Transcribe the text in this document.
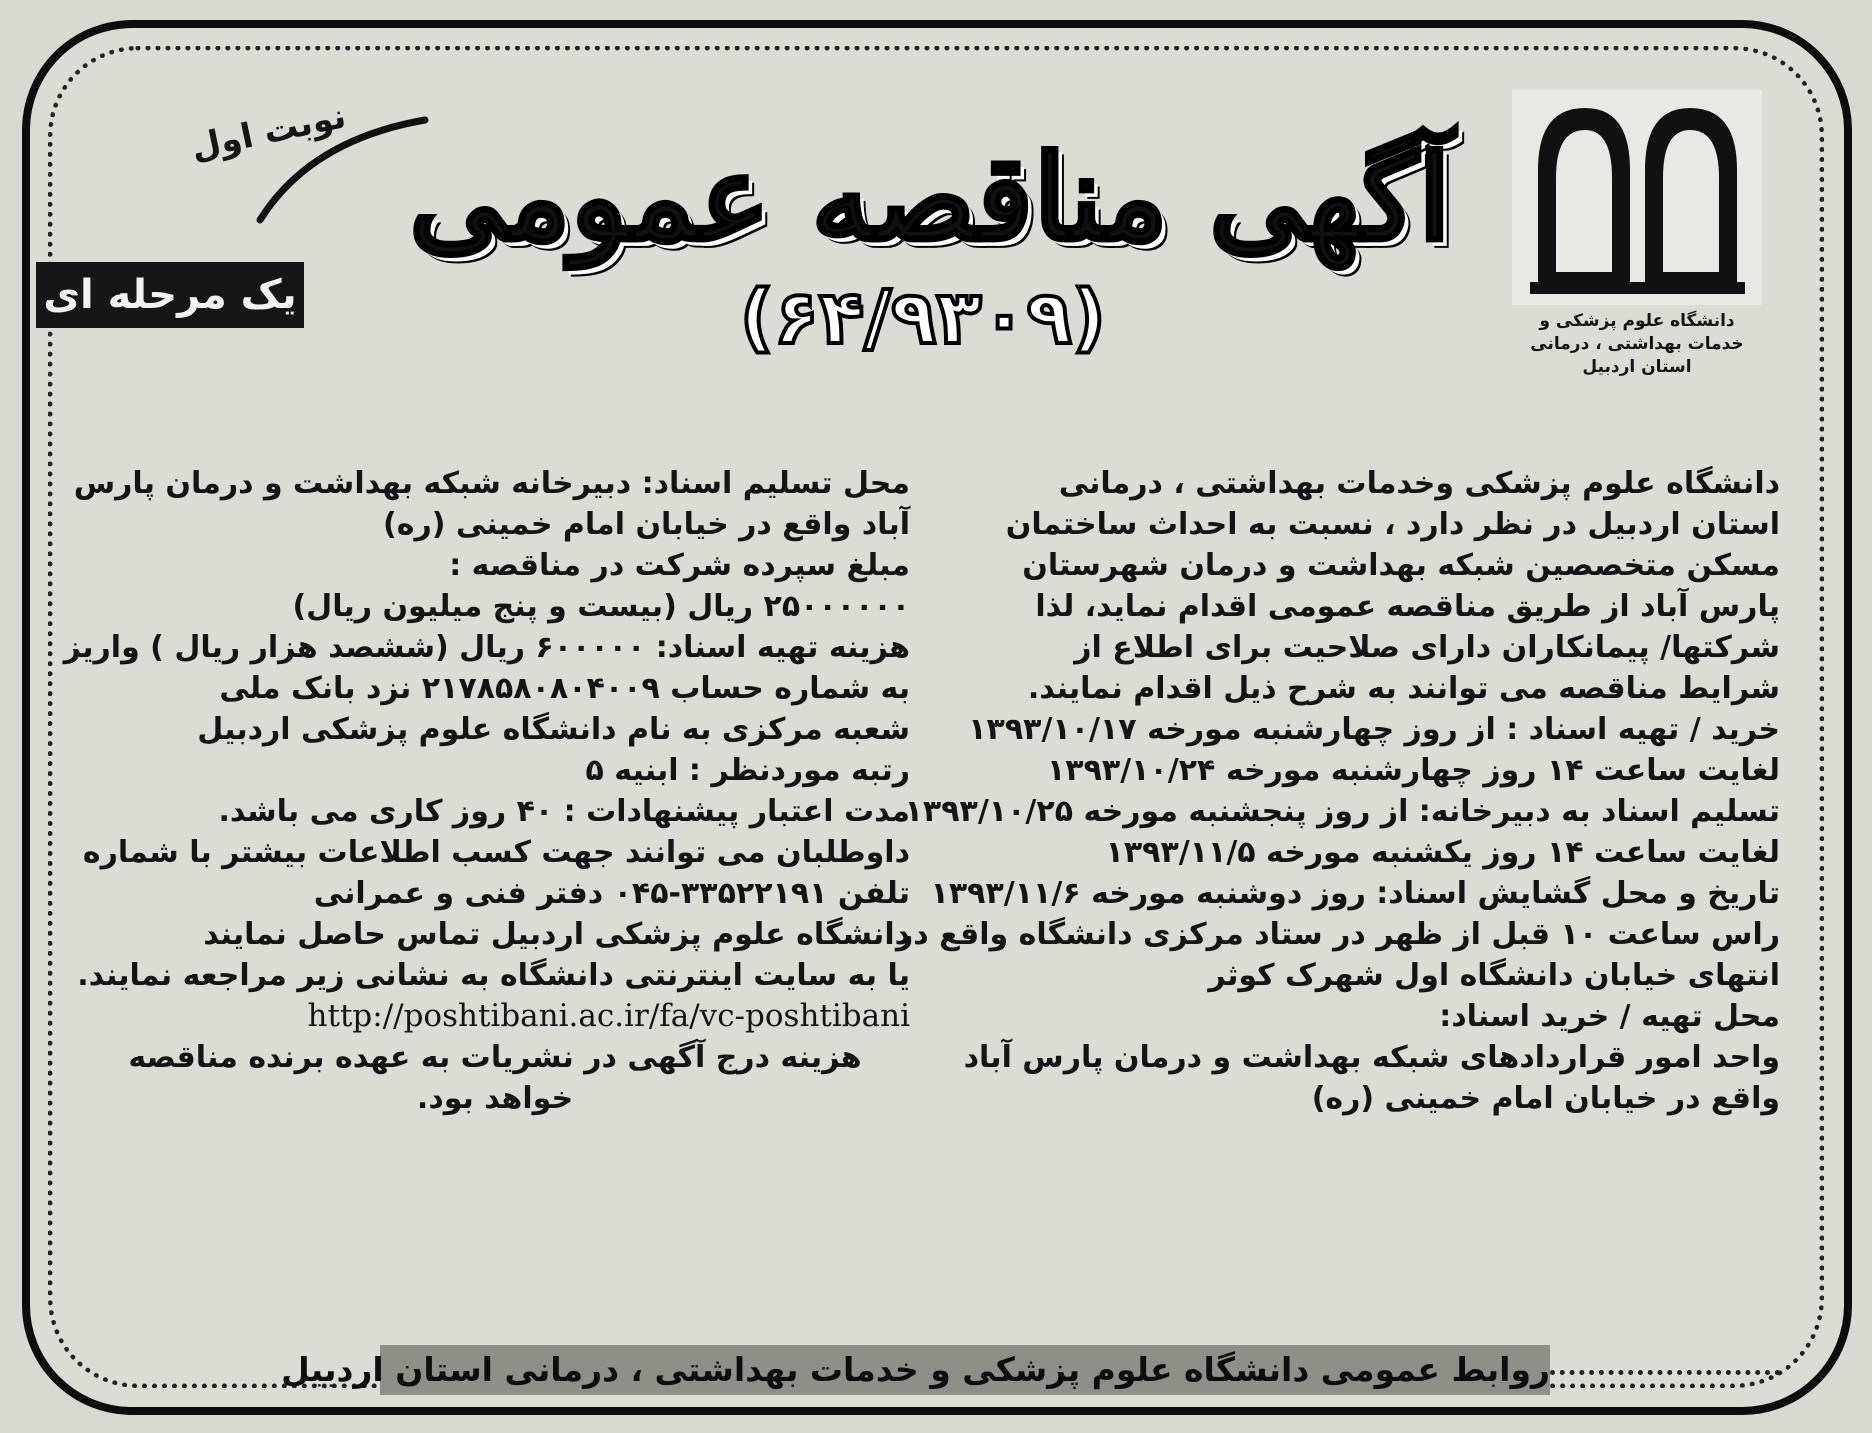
دانشگاه علوم پزشکی و
خدمات بهداشتی ، درمانی
استان اردبیل
آگهی مناقصه عمومی
(۶۴/۹۳۰۹)
نوبت اول
یک مرحله ای

دانشگاه علوم پزشکی وخدمات بهداشتی ، درمانی

استان اردبیل در نظر دارد ، نسبت به احداث ساختمان

مسکن متخصصین شبکه بهداشت و درمان شهرستان

پارس آباد از طریق مناقصه عمومی اقدام نماید، لذا

شرکتها/ پیمانکاران دارای صلاحیت برای اطلاع از

شرایط مناقصه می توانند به شرح ذیل اقدام نمایند.

خرید / تهیه اسناد : از روز چهارشنبه مورخه ۱۳۹۳/۱۰/۱۷

لغایت ساعت ۱۴ روز چهارشنبه مورخه ۱۳۹۳/۱۰/۲۴

تسلیم اسناد به دبیرخانه: از روز پنجشنبه مورخه ۱۳۹۳/۱۰/۲۵

لغایت ساعت ۱۴ روز یکشنبه مورخه ۱۳۹۳/۱۱/۵

تاریخ و محل گشایش اسناد: روز دوشنبه مورخه ۱۳۹۳/۱۱/۶

راس ساعت ۱۰ قبل از ظهر در ستاد مرکزی دانشگاه واقع در

انتهای خیابان دانشگاه اول شهرک کوثر

محل تهیه / خرید اسناد:

واحد امور قراردادهای شبکه بهداشت و درمان پارس آباد

واقع در خیابان امام خمینی (ره)

محل تسلیم اسناد: دبیرخانه شبکه بهداشت و درمان پارس

آباد واقع در خیابان امام خمینی (ره)

مبلغ سپرده شرکت در مناقصه :

۲۵۰۰۰۰۰۰ ریال (بیست و پنج میلیون ریال)

هزینه تهیه اسناد: ۶۰۰۰۰۰ ریال (ششصد هزار ریال ) واریز

به شماره حساب ۲۱۷۸۵۸۰۸۰۴۰۰۹ نزد بانک ملی

شعبه مرکزی به نام دانشگاه علوم پزشکی اردبیل

رتبه موردنظر : ابنیه ۵

مدت اعتبار پیشنهادات : ۴۰ روز کاری می باشد.

داوطلبان می توانند جهت کسب اطلاعات بیشتر با شماره

تلفن ۳۳۵۲۲۱۹۱-۰۴۵ دفتر فنی و عمرانی

دانشگاه علوم پزشکی اردبیل تماس حاصل نمایند

یا به سایت اینترنتی دانشگاه به نشانی زیر مراجعه نمایند.

http://poshtibani.ac.ir/fa/vc-poshtibani

هزینه درج آگهی در نشریات به عهده برنده مناقصه

خواهد بود.

روابط عمومی دانشگاه علوم پزشکی و خدمات بهداشتی ، درمانی استان اردبیل
